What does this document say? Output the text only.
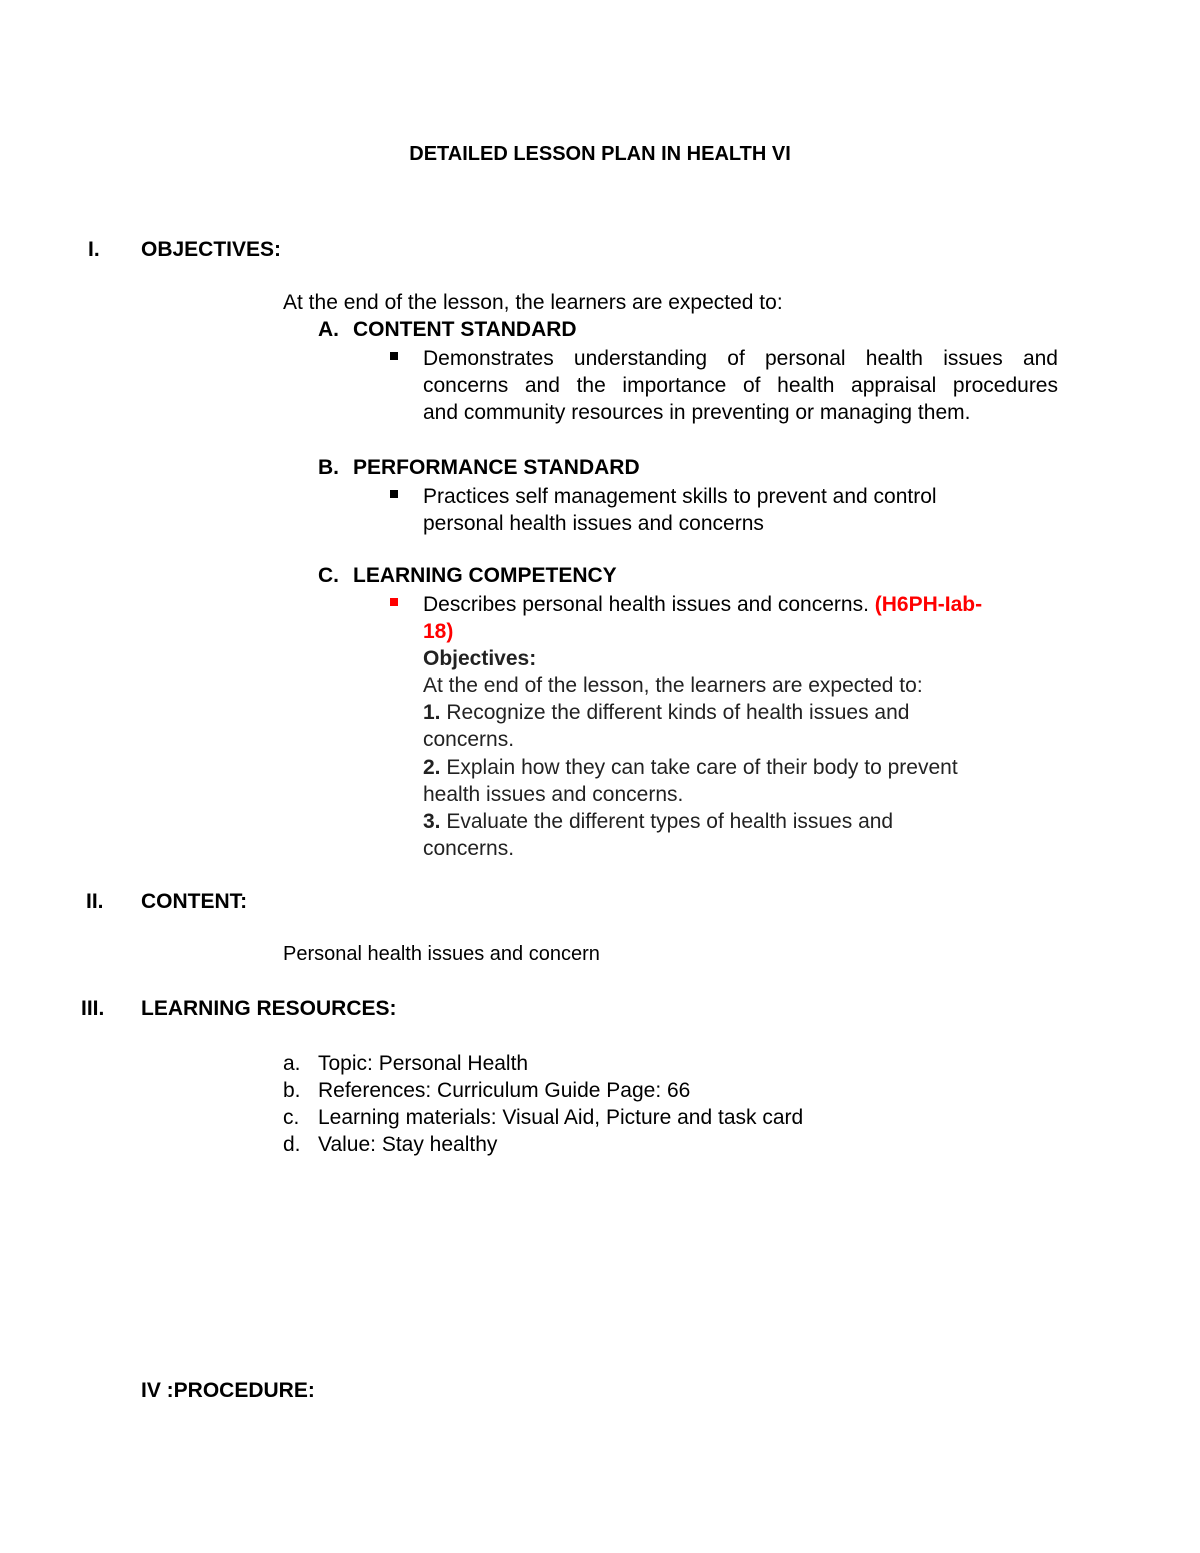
DETAILED LESSON PLAN IN HEALTH VI
I. OBJECTIVES:
At the end of the lesson, the learners are expected to:
A. CONTENT STANDARD
Demonstrates understanding of personal health issues and
concerns and the importance of health appraisal procedures
and community resources in preventing or managing them.
B. PERFORMANCE STANDARD
Practices self management skills to prevent and control
personal health issues and concerns
C. LEARNING COMPETENCY
Describes personal health issues and concerns. (H6PH-Iab-
18)
Objectives:
At the end of the lesson, the learners are expected to:
1. Recognize the different kinds of health issues and
concerns.
2. Explain how they can take care of their body to prevent
health issues and concerns.
3. Evaluate the different types of health issues and
concerns.
II. CONTENT:
Personal health issues and concern
III. LEARNING RESOURCES:
a. Topic: Personal Health
b. References: Curriculum Guide Page: 66
c. Learning materials: Visual Aid, Picture and task card
d. Value: Stay healthy
IV :PROCEDURE:
